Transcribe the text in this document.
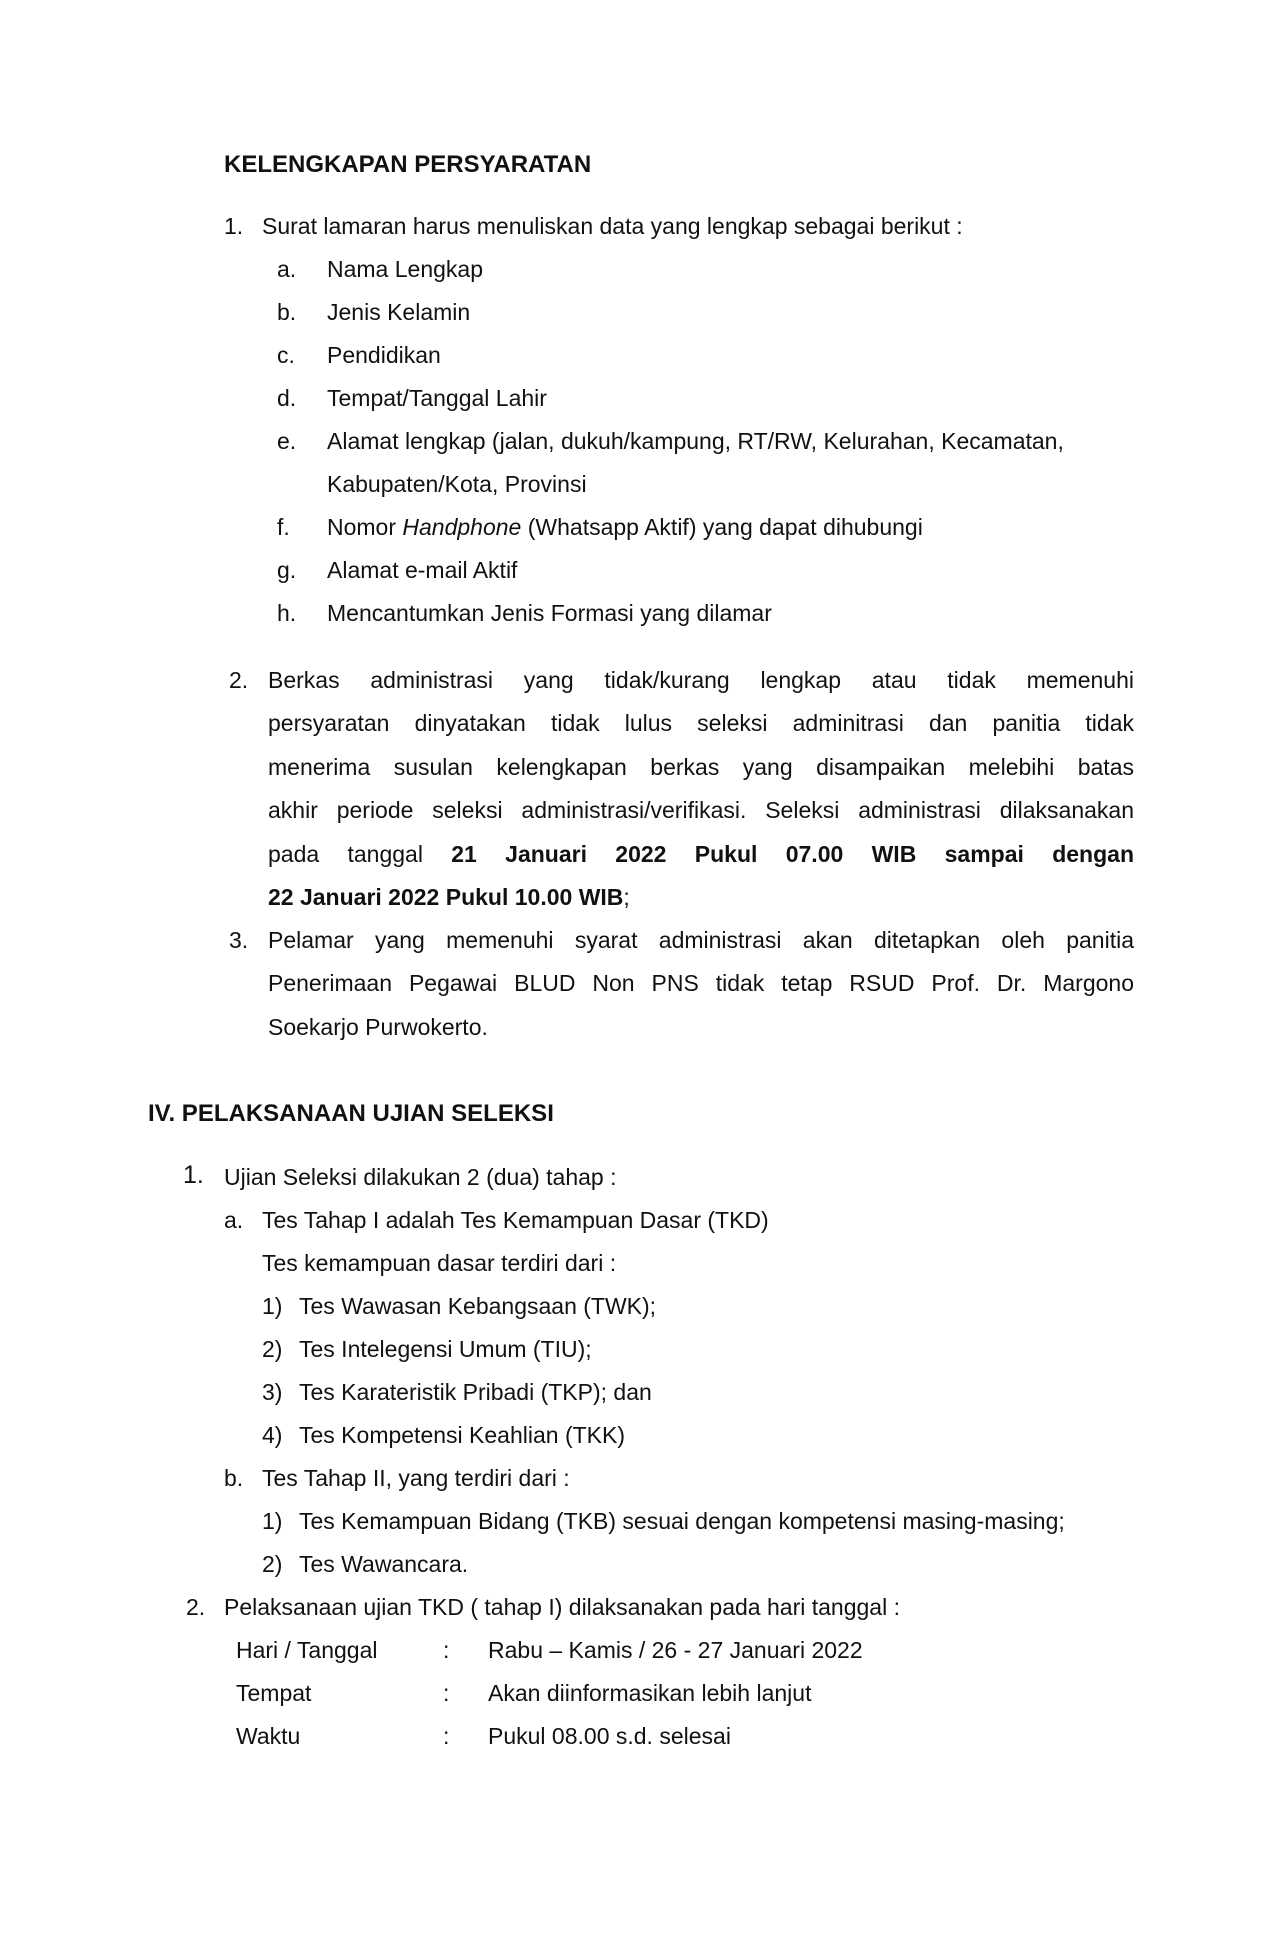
KELENGKAPAN PERSYARATAN
1. Surat lamaran harus menuliskan data yang lengkap sebagai berikut :
a. Nama Lengkap
b. Jenis Kelamin
c. Pendidikan
d. Tempat/Tanggal Lahir
e. Alamat lengkap (jalan, dukuh/kampung, RT/RW, Kelurahan, Kecamatan,
Kabupaten/Kota, Provinsi
f. Nomor Handphone (Whatsapp Aktif) yang dapat dihubungi
g. Alamat e-mail Aktif
h. Mencantumkan Jenis Formasi yang dilamar
2. Berkas administrasi yang tidak/kurang lengkap atau tidak memenuhi
persyaratan dinyatakan tidak lulus seleksi adminitrasi dan panitia tidak
menerima susulan kelengkapan berkas yang disampaikan melebihi batas
akhir periode seleksi administrasi/verifikasi. Seleksi administrasi dilaksanakan
pada tanggal 21 Januari 2022 Pukul 07.00 WIB sampai dengan
22 Januari 2022 Pukul 10.00 WIB;
3. Pelamar yang memenuhi syarat administrasi akan ditetapkan oleh panitia
Penerimaan Pegawai BLUD Non PNS tidak tetap RSUD Prof. Dr. Margono
Soekarjo Purwokerto.
IV. PELAKSANAAN UJIAN SELEKSI
1. Ujian Seleksi dilakukan 2 (dua) tahap :
a. Tes Tahap I adalah Tes Kemampuan Dasar (TKD)
Tes kemampuan dasar terdiri dari :
1) Tes Wawasan Kebangsaan (TWK);
2) Tes Intelegensi Umum (TIU);
3) Tes Karateristik Pribadi (TKP); dan
4) Tes Kompetensi Keahlian (TKK)
b. Tes Tahap II, yang terdiri dari :
1) Tes Kemampuan Bidang (TKB) sesuai dengan kompetensi masing-masing;
2) Tes Wawancara.
2. Pelaksanaan ujian TKD ( tahap I) dilaksanakan pada hari tanggal :
Hari / Tanggal	: Rabu – Kamis / 26 - 27 Januari 2022
Tempat	: Akan diinformasikan lebih lanjut
Waktu	: Pukul 08.00 s.d. selesai
